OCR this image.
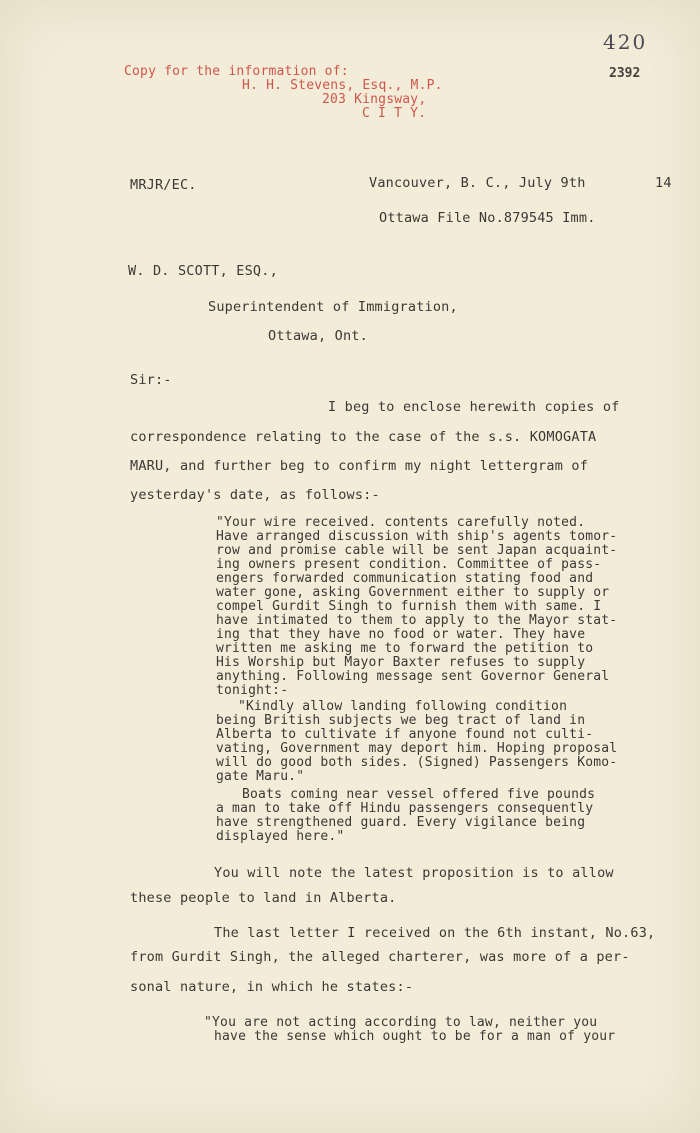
420
2392
Copy for the information of:
H. H. Stevens, Esq., M.P.
203 Kingsway,
C I T Y.
MRJR/EC.	Vancouver, B. C., July 9th	14
Ottawa File No.879545 Imm.
W. D. SCOTT, ESQ.,
Superintendent of Immigration,
Ottawa, Ont.
Sir:-
I beg to enclose herewith copies of
correspondence relating to the case of the s.s. KOMOGATA
MARU, and further beg to confirm my night lettergram of
yesterday's date, as follows:-
"Your wire received. contents carefully noted.
Have arranged discussion with ship's agents tomor-
row and promise cable will be sent Japan acquaint-
ing owners present condition. Committee of pass-
engers forwarded communication stating food and
water gone, asking Government either to supply or
compel Gurdit Singh to furnish them with same. I
have intimated to them to apply to the Mayor stat-
ing that they have no food or water. They have
written me asking me to forward the petition to
His Worship but Mayor Baxter refuses to supply
anything. Following message sent Governor General
tonight:-
"Kindly allow landing following condition
being British subjects we beg tract of land in
Alberta to cultivate if anyone found not culti-
vating, Government may deport him. Hoping proposal
will do good both sides. (Signed) Passengers Komo-
gate Maru."
Boats coming near vessel offered five pounds
a man to take off Hindu passengers consequently
have strengthened guard. Every vigilance being
displayed here."
You will note the latest proposition is to allow
these people to land in Alberta.
The last letter I received on the 6th instant, No.63,
from Gurdit Singh, the alleged charterer, was more of a per-
sonal nature, in which he states:-
"You are not acting according to law, neither you
have the sense which ought to be for a man of your
